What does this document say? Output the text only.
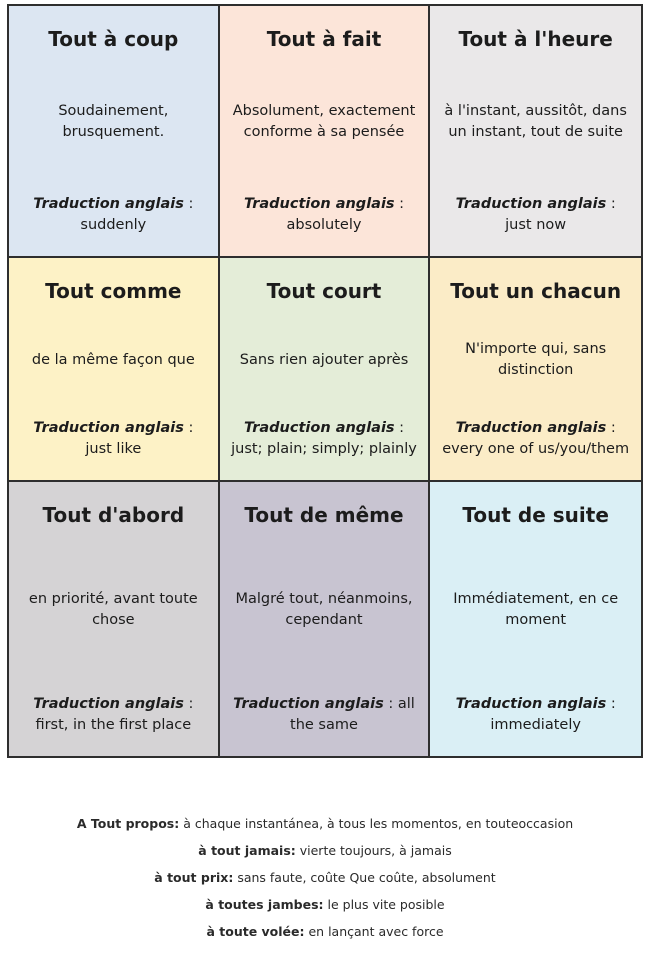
Tout à coup
Soudainement, brusquement.
Traduction anglais : suddenly
Tout à fait
Absolument, exactement conforme à sa pensée
Traduction anglais : absolutely
Tout à l'heure
à l'instant, aussitôt, dans un instant, tout de suite
Traduction anglais : just now
Tout comme
de la même façon que
Traduction anglais : just like
Tout court
Sans rien ajouter après
Traduction anglais : just; plain; simply; plainly
Tout un chacun
N'importe qui, sans distinction
Traduction anglais : every one of us/you/them
Tout d'abord
en priorité, avant toute chose
Traduction anglais : first, in the first place
Tout de même
Malgré tout, néanmoins, cependant
Traduction anglais : all the same
Tout de suite
Immédiatement, en ce moment
Traduction anglais : immediately
A Tout propos: à chaque instantánea, à tous les momentos, en touteoccasion
à tout jamais: vierte toujours, à jamais
à tout prix: sans faute, coûte Que coûte, absolument
à toutes jambes: le plus vite posible
à toute volée: en lançant avec force
